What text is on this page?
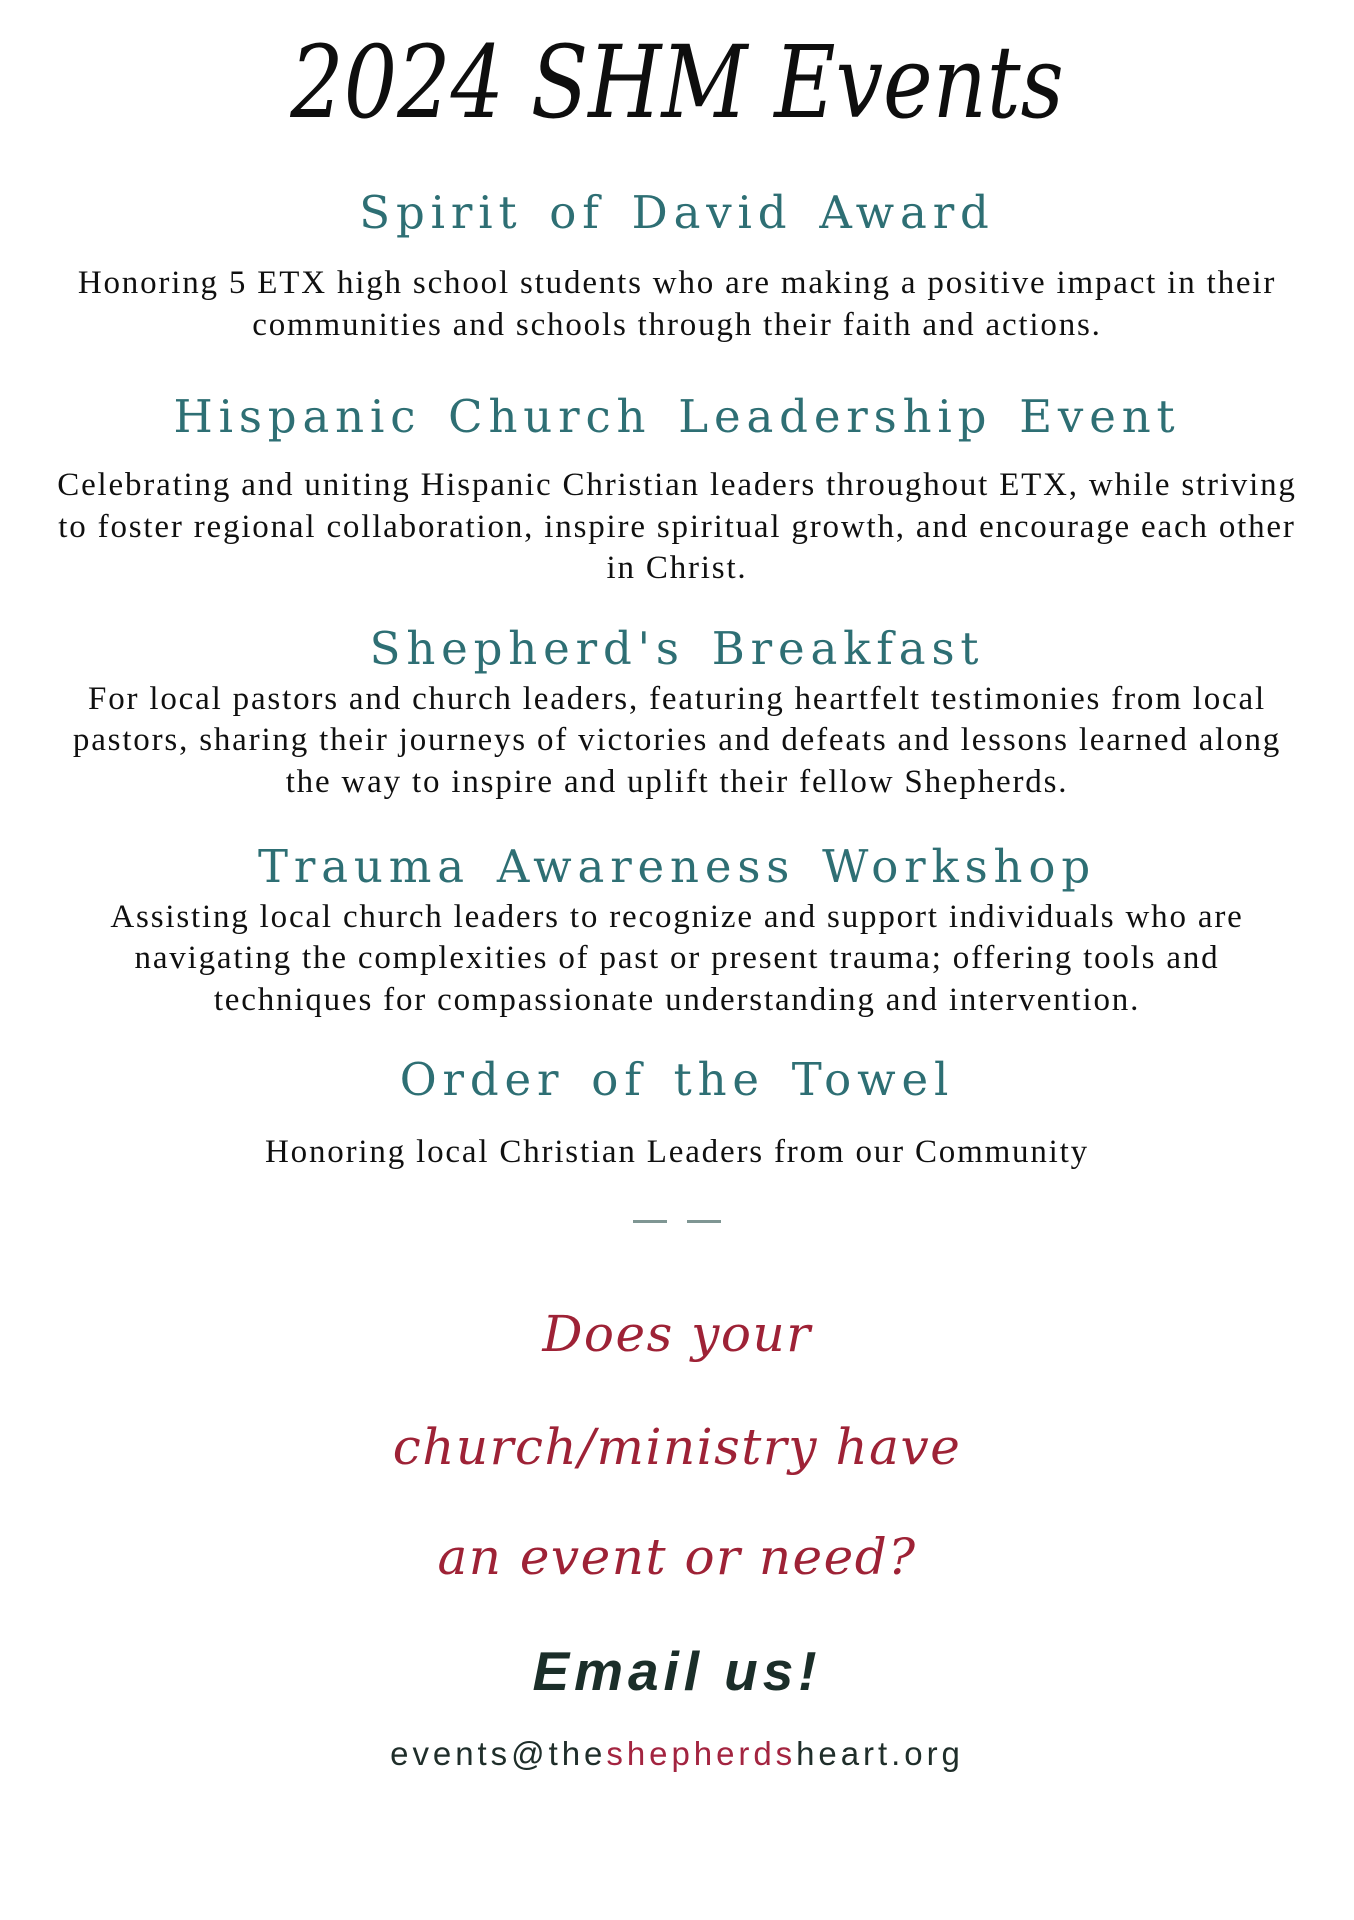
2024 SHM Events
Spirit of David Award

Honoring 5 ETX high school students who are making a positive impact in their communities and schools through their faith and actions.

Hispanic Church Leadership Event

Celebrating and uniting Hispanic Christian leaders throughout ETX, while striving to foster regional collaboration, inspire spiritual growth, and encourage each other in Christ.

Shepherd's Breakfast

For local pastors and church leaders, featuring heartfelt testimonies from local pastors, sharing their journeys of victories and defeats and lessons learned along the way to inspire and uplift their fellow Shepherds.

Trauma Awareness Workshop

Assisting local church leaders to recognize and support individuals who are navigating the complexities of past or present trauma; offering tools and techniques for compassionate understanding and intervention.

Order of the Towel

Honoring local Christian Leaders from our Community

Does your

church/ministry have

an event or need?

Email us!

events@theshepherdsheart.org
